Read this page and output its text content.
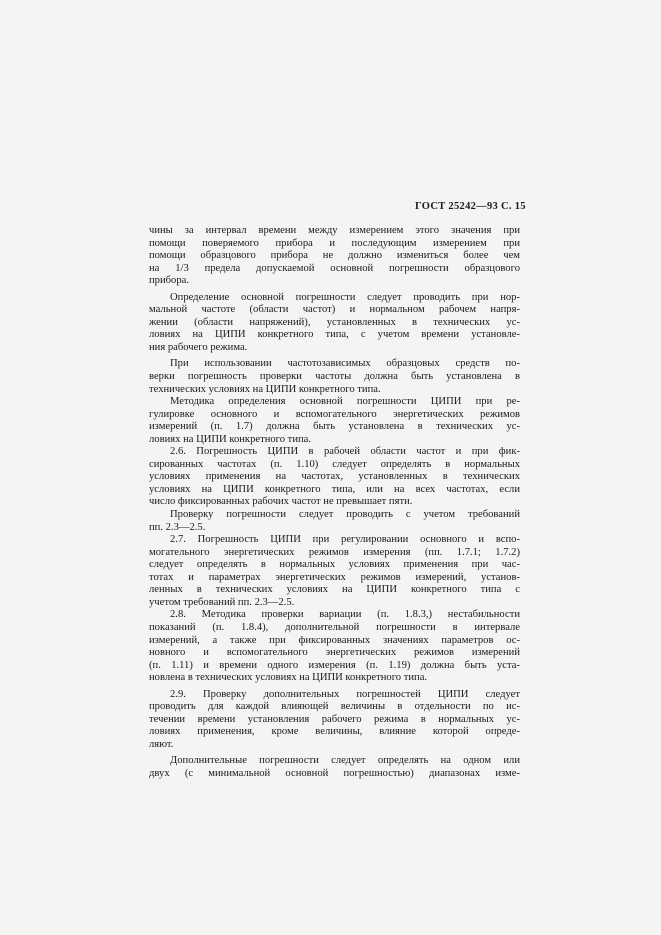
ГОСТ 25242—93 С. 15
чины за интервал времени между измерением этого значения при
помощи поверяемого прибора и последующим измерением при
помощи образцового прибора не должно измениться более чем
на 1/3 предела допускаемой основной погрешности образцового
прибора.
Определение основной погрешности следует проводить при нор-
мальной частоте (области частот) и нормальном рабочем напря-
жении (области напряжений), установленных в технических ус-
ловиях на ЦИПИ конкретного типа, с учетом времени установле-
ния рабочего режима.
При использовании частотозависимых образцовых средств по-
верки погрешность проверки частоты должна быть установлена в
технических условиях на ЦИПИ конкретного типа.
Методика определения основной погрешности ЦИПИ при ре-
гулировке основного и вспомогательного энергетических режимов
измерений (п. 1.7) должна быть установлена в технических ус-
ловиях на ЦИПИ конкретного типа.
2.6. Погрешность ЦИПИ в рабочей области частот и при фик-
сированных частотах (п. 1.10) следует определять в нормальных
условиях применения на частотах, установленных в технических
условиях на ЦИПИ конкретного типа, или на всех частотах, если
число фиксированных рабочих частот не превышает пяти.
Проверку погрешности следует проводить с учетом требований
пп. 2.3—2.5.
2.7. Погрешность ЦИПИ при регулировании основного и вспо-
могательного энергетических режимов измерения (пп. 1.7.1; 1.7.2)
следует определять в нормальных условиях применения при час-
тотах и параметрах энергетических режимов измерений, установ-
ленных в технических условиях на ЦИПИ конкретного типа с
учетом требований пп. 2.3—2.5.
2.8. Методика проверки вариации (п. 1.8.3,) нестабильности
показаний (п. 1.8.4), дополнительной погрешности в интервале
измерений, а также при фиксированных значениях параметров ос-
новного и вспомогательного энергетических режимов измерений
(п. 1.11) и времени одного измерения (п. 1.19) должна быть уста-
новлена в технических условиях на ЦИПИ конкретного типа.
2.9. Проверку дополнительных погрешностей ЦИПИ следует
проводить для каждой влияющей величины в отдельности по ис-
течении времени установления рабочего режима в нормальных ус-
ловиях применения, кроме величины, влияние которой опреде-
ляют.
Дополнительные погрешности следует определять на одном или
двух (с минимальной основной погрешностью) диапазонах изме-
